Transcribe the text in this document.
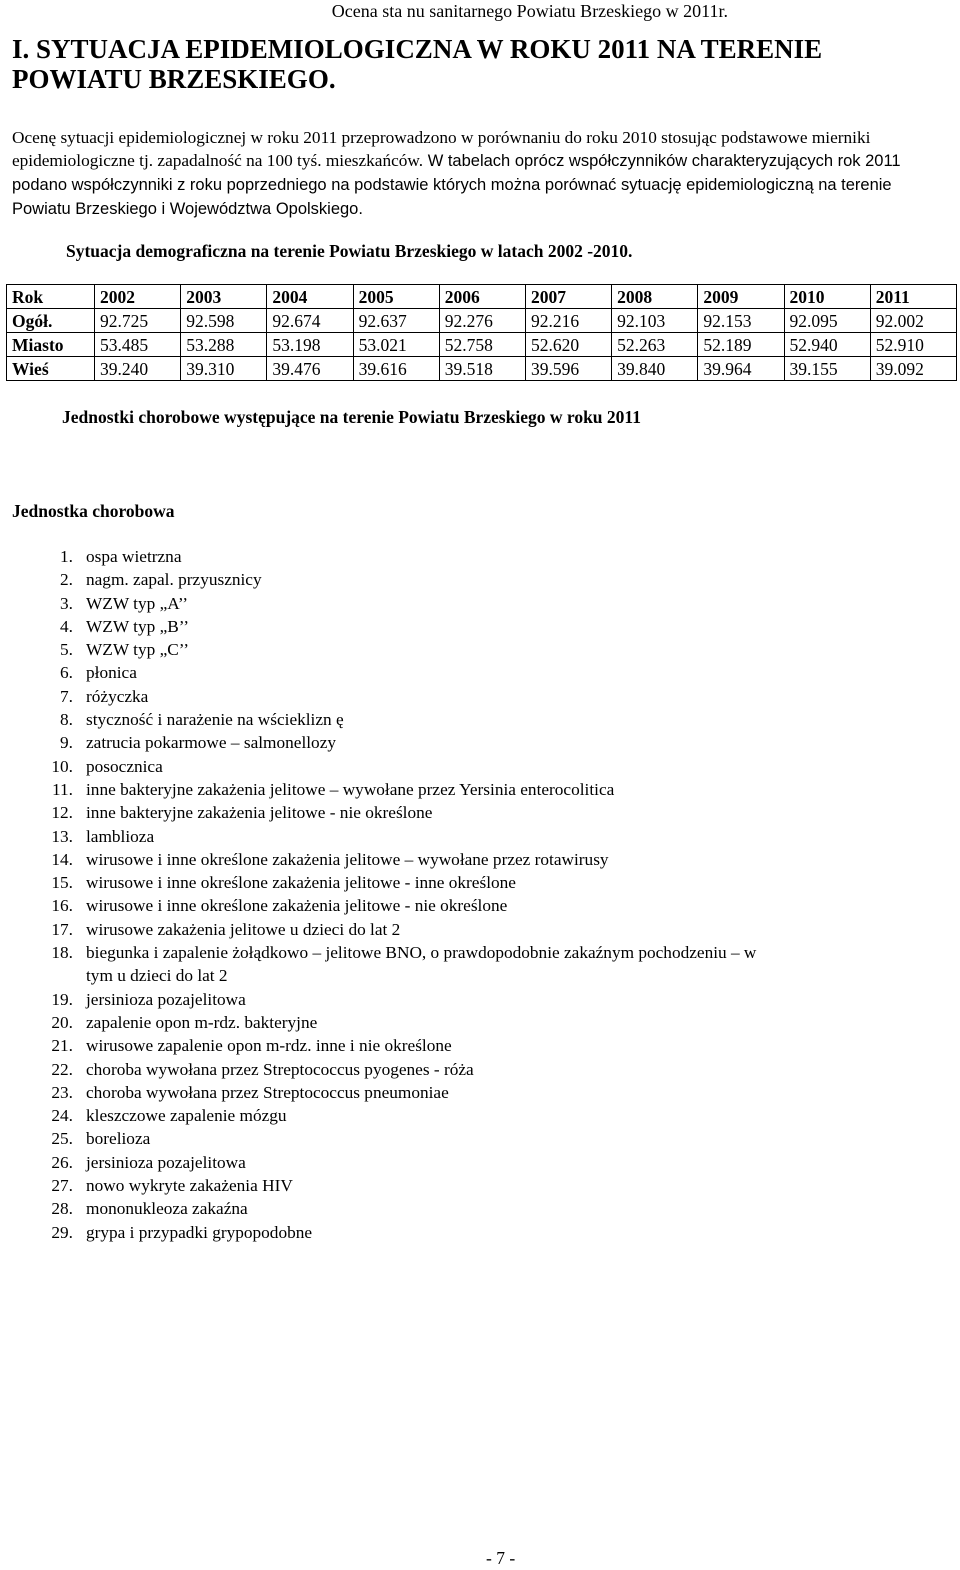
Ocena sta nu sanitarnego Powiatu Brzeskiego w 2011r.
I. SYTUACJA EPIDEMIOLOGICZNA W ROKU 2011 NA TERENIE
POWIATU BRZESKIEGO.

Ocenę sytuacji epidemiologicznej w roku 2011 przeprowadzono w porównaniu do roku 2010 stosując podstawowe mierniki epidemiologiczne tj. zapadalność na 100 tyś. mieszkańców. W tabelach oprócz współczynników charakteryzujących rok 2011 podano współczynniki z roku poprzedniego na podstawie których można porównać sytuację epidemiologiczną na terenie Powiatu Brzeskiego i Województwa Opolskiego.

Sytuacja demograficzna na terenie Powiatu Brzeskiego w latach 2002 -2010.
Rok	2002	2003	2004	2005	2006	2007	2008	2009	2010	2011
Ogół.	92.725	92.598	92.674	92.637	92.276	92.216	92.103	92.153	92.095	92.002
Miasto	53.485	53.288	53.198	53.021	52.758	52.620	52.263	52.189	52.940	52.910
Wieś	39.240	39.310	39.476	39.616	39.518	39.596	39.840	39.964	39.155	39.092
Jednostki chorobowe występujące na terenie Powiatu Brzeskiego w roku 2011
Jednostka chorobowa
1. ospa wietrzna
2. nagm. zapal. przyusznicy
3. WZW typ „A’’
4. WZW typ „B’’
5. WZW typ „C’’
6. płonica
7. różyczka
8. styczność i narażenie na wścieklizn ę
9. zatrucia pokarmowe – salmonellozy
10. posocznica
11. inne bakteryjne zakażenia jelitowe – wywołane przez Yersinia enterocolitica
12. inne bakteryjne zakażenia jelitowe - nie określone
13. lamblioza
14. wirusowe i inne określone zakażenia jelitowe – wywołane przez rotawirusy
15. wirusowe i inne określone zakażenia jelitowe - inne określone
16. wirusowe i inne określone zakażenia jelitowe - nie określone
17. wirusowe zakażenia jelitowe u dzieci do lat 2
18. biegunka i zapalenie żołądkowo – jelitowe BNO, o prawdopodobnie zakaźnym pochodzeniu – w tym u dzieci do lat 2
19. jersinioza pozajelitowa
20. zapalenie opon m-rdz. bakteryjne
21. wirusowe zapalenie opon m-rdz. inne i nie określone
22. choroba wywołana przez Streptococcus pyogenes - róża
23. choroba wywołana przez Streptococcus pneumoniae
24. kleszczowe zapalenie mózgu
25. borelioza
26. jersinioza pozajelitowa
27. nowo wykryte zakażenia HIV
28. mononukleoza zakaźna
29. grypa i przypadki grypopodobne
- 7 -
